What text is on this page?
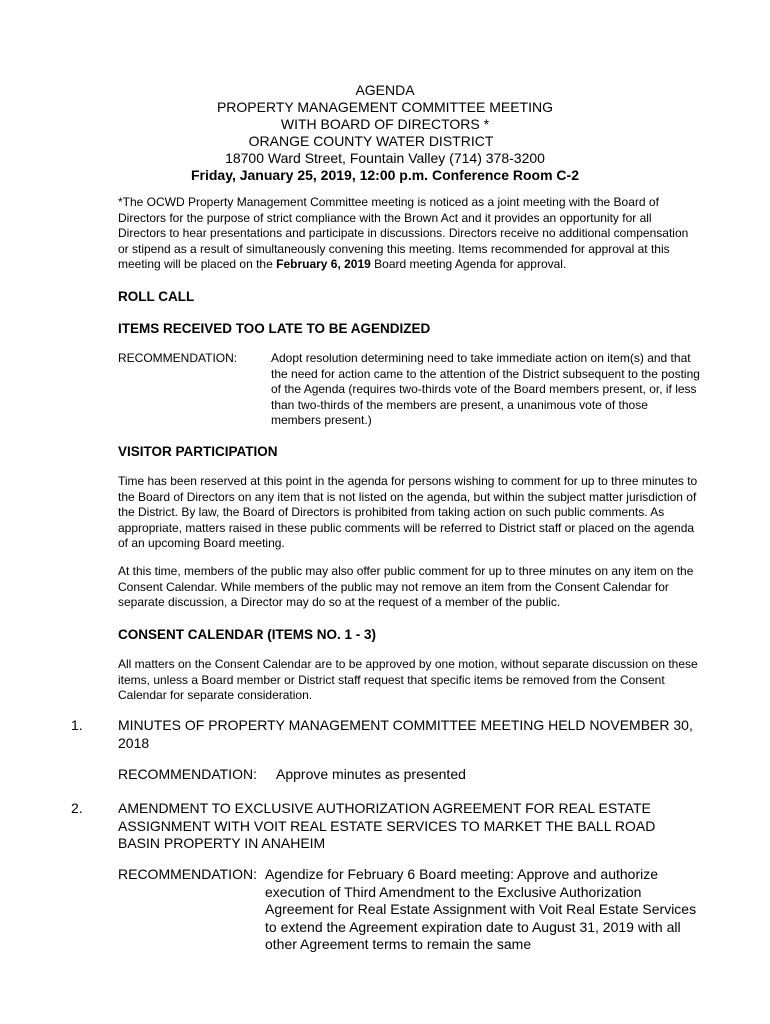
AGENDA
PROPERTY MANAGEMENT COMMITTEE MEETING
WITH BOARD OF DIRECTORS *
ORANGE COUNTY WATER DISTRICT
18700 Ward Street, Fountain Valley (714) 378-3200
Friday, January 25, 2019, 12:00 p.m. Conference Room C-2
*The OCWD Property Management Committee meeting is noticed as a joint meeting with the Board of Directors for the purpose of strict compliance with the Brown Act and it provides an opportunity for all Directors to hear presentations and participate in discussions. Directors receive no additional compensation or stipend as a result of simultaneously convening this meeting. Items recommended for approval at this meeting will be placed on the February 6, 2019 Board meeting Agenda for approval.
ROLL CALL
ITEMS RECEIVED TOO LATE TO BE AGENDIZED
RECOMMENDATION:	Adopt resolution determining need to take immediate action on item(s) and that the need for action came to the attention of the District subsequent to the posting of the Agenda (requires two-thirds vote of the Board members present, or, if less than two-thirds of the members are present, a unanimous vote of those members present.)
VISITOR PARTICIPATION
Time has been reserved at this point in the agenda for persons wishing to comment for up to three minutes to the Board of Directors on any item that is not listed on the agenda, but within the subject matter jurisdiction of the District. By law, the Board of Directors is prohibited from taking action on such public comments. As appropriate, matters raised in these public comments will be referred to District staff or placed on the agenda of an upcoming Board meeting.
At this time, members of the public may also offer public comment for up to three minutes on any item on the Consent Calendar. While members of the public may not remove an item from the Consent Calendar for separate discussion, a Director may do so at the request of a member of the public.
CONSENT CALENDAR (ITEMS NO. 1 - 3)
All matters on the Consent Calendar are to be approved by one motion, without separate discussion on these items, unless a Board member or District staff request that specific items be removed from the Consent Calendar for separate consideration.
1.	MINUTES OF PROPERTY MANAGEMENT COMMITTEE MEETING HELD NOVEMBER 30, 2018
RECOMMENDATION: Approve minutes as presented
2.	AMENDMENT TO EXCLUSIVE AUTHORIZATION AGREEMENT FOR REAL ESTATE ASSIGNMENT WITH VOIT REAL ESTATE SERVICES TO MARKET THE BALL ROAD BASIN PROPERTY IN ANAHEIM
RECOMMENDATION: Agendize for February 6 Board meeting: Approve and authorize execution of Third Amendment to the Exclusive Authorization Agreement for Real Estate Assignment with Voit Real Estate Services to extend the Agreement expiration date to August 31, 2019 with all other Agreement terms to remain the same
